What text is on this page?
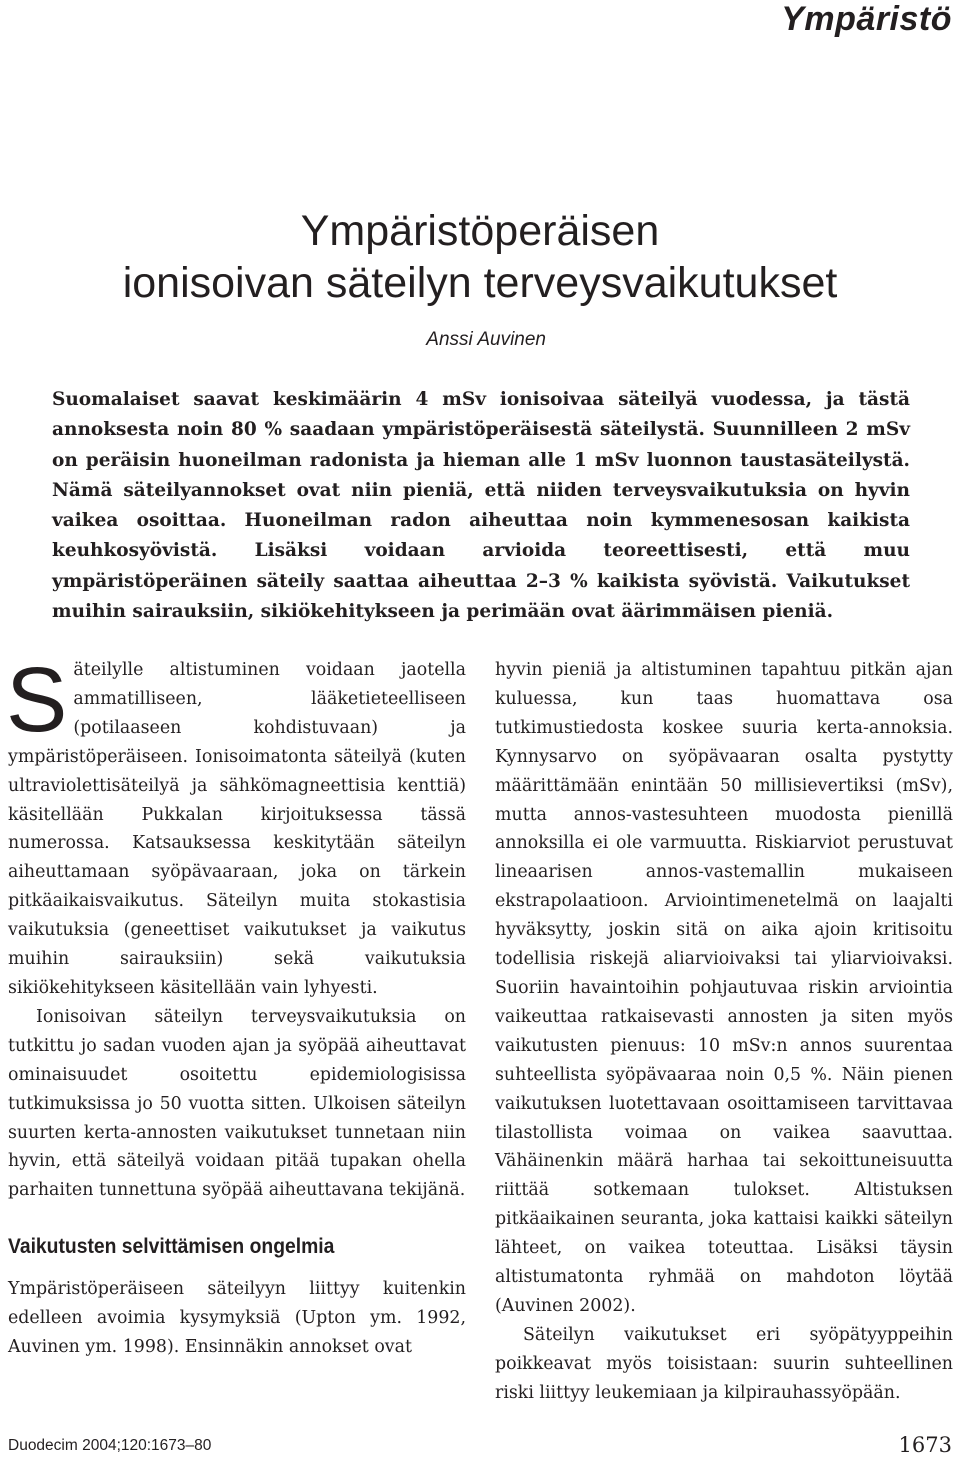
Ympäristö
Ympäristöperäisen
ionisoivan säteilyn terveysvaikutukset
Anssi Auvinen

Suomalaiset saavat keskimäärin 4 mSv ionisoivaa säteilyä vuodessa, ja tästä annoksesta noin 80 % saadaan ympäristöperäisestä säteilystä. Suunnilleen 2 mSv on peräisin huoneilman radonista ja hieman alle 1 mSv luonnon taustasäteilystä. Nämä säteilyannokset ovat niin pieniä, että niiden terveysvaikutuksia on hyvin vaikea osoittaa. Huoneilman radon aiheuttaa noin kymmenesosan kaikista keuhkosyövistä. Lisäksi voidaan arvioida teoreettisesti, että muu ympäristöperäinen säteily saattaa aiheuttaa 2–3 % kaikista syövistä. Vaikutukset muihin sairauksiin, sikiökehitykseen ja perimään ovat äärimmäisen pieniä.

Säteilylle altistuminen voidaan jaotella ammatilliseen, lääketieteelliseen (potilaaseen kohdistuvaan) ja ympäristöperäiseen. Ionisoimatonta säteilyä (kuten ultraviolettisäteilyä ja sähkömagneettisia kenttiä) käsitellään Pukkalan kirjoituksessa tässä numerossa. Katsauksessa keskitytään säteilyn aiheuttamaan syöpävaaraan, joka on tärkein pitkäaikaisvaikutus. Säteilyn muita stokastisia vaikutuksia (geneettiset vaikutukset ja vaikutus muihin sairauksiin) sekä vaikutuksia sikiökehitykseen käsitellään vain lyhyesti.

Ionisoivan säteilyn terveysvaikutuksia on tutkittu jo sadan vuoden ajan ja syöpää aiheuttavat ominaisuudet osoitettu epidemiologisissa tutkimuksissa jo 50 vuotta sitten. Ulkoisen säteilyn suurten kerta-annosten vaikutukset tunnetaan niin hyvin, että säteilyä voidaan pitää tupakan ohella parhaiten tunnettuna syöpää aiheuttavana tekijänä.

Vaikutusten selvittämisen ongelmia

Ympäristöperäiseen säteilyyn liittyy kuitenkin edelleen avoimia kysymyksiä (Upton ym. 1992, Auvinen ym. 1998). Ensinnäkin annokset ovat

hyvin pieniä ja altistuminen tapahtuu pitkän ajan kuluessa, kun taas huomattava osa tutkimustiedosta koskee suuria kerta-annoksia. Kynnysarvo on syöpävaaran osalta pystytty määrittämään enintään 50 millisievertiksi (mSv), mutta annos-vastesuhteen muodosta pienillä annoksilla ei ole varmuutta. Riskiarviot perustuvat lineaarisen annos-vastemallin mukaiseen ekstrapolaatioon. Arviointimenetelmä on laajalti hyväksytty, joskin sitä on aika ajoin kritisoitu todellisia riskejä aliarvioivaksi tai yliarvioivaksi. Suoriin havaintoihin pohjautuvaa riskin arviointia vaikeuttaa ratkaisevasti annosten ja siten myös vaikutusten pienuus: 10 mSv:n annos suurentaa suhteellista syöpävaaraa noin 0,5 %. Näin pienen vaikutuksen luotettavaan osoittamiseen tarvittavaa tilastollista voimaa on vaikea saavuttaa. Vähäinenkin määrä harhaa tai sekoittuneisuutta riittää sotkemaan tulokset. Altistuksen pitkäaikainen seuranta, joka kattaisi kaikki säteilyn lähteet, on vaikea toteuttaa. Lisäksi täysin altistumatonta ryhmää on mahdoton löytää (Auvinen 2002).

Säteilyn vaikutukset eri syöpätyyppeihin poikkeavat myös toisistaan: suurin suhteellinen riski liittyy leukemiaan ja kilpirauhassyöpään.

Duodecim 2004;120:1673–80	1673
